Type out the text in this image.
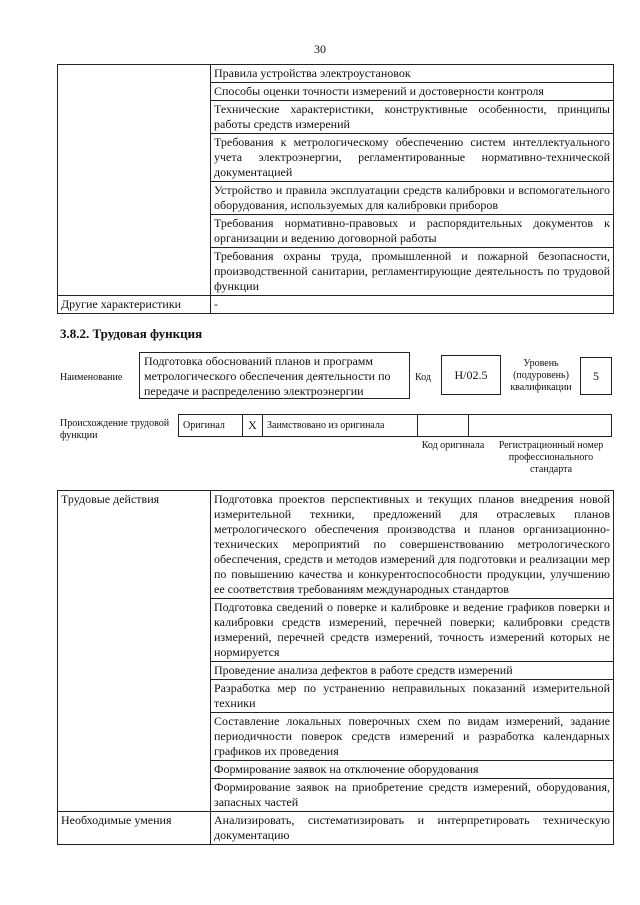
30
	Правила устройства электроустановок
	Способы оценки точности измерений и достоверности контроля
	Технические характеристики, конструктивные особенности, принципы работы средств измерений
	Требования к метрологическому обеспечению систем интеллектуального учета электроэнергии, регламентированные нормативно-технической документацией
	Устройство и правила эксплуатации средств калибровки и вспомогательного оборудования, используемых для калибровки приборов
	Требования нормативно-правовых и распорядительных документов к организации и ведению договорной работы
	Требования охраны труда, промышленной и пожарной безопасности, производственной санитарии, регламентирующие деятельность по трудовой функции
Другие характеристики	-
3.8.2. Трудовая функция
Наименование
Подготовка обоснований планов и программ метрологического обеспечения деятельности по передаче и распределению электроэнергии
Код	Н/02.5
Уровень (подуровень) квалификации
5
Происхождение трудовой функции
Оригинал	X	Заимствовано из оригинала
Код оригинала	Регистрационный номер профессионального стандарта
Трудовые действия	Подготовка проектов перспективных и текущих планов внедрения новой измерительной техники, предложений для отраслевых планов метрологического обеспечения производства и планов организационно-технических мероприятий по совершенствованию метрологического обеспечения, средств и методов измерений для подготовки и реализации мер по повышению качества и конкурентоспособности продукции, улучшению ее соответствия требованиям международных стандартов
	Подготовка сведений о поверке и калибровке и ведение графиков поверки и калибровки средств измерений, перечней поверки; калибровки средств измерений, перечней средств измерений, точность измерений которых не нормируется
	Проведение анализа дефектов в работе средств измерений
	Разработка мер по устранению неправильных показаний измерительной техники
	Составление локальных поверочных схем по видам измерений, задание периодичности поверок средств измерений и разработка календарных графиков их проведения
	Формирование заявок на отключение оборудования
	Формирование заявок на приобретение средств измерений, оборудования, запасных частей
Необходимые умения	Анализировать, систематизировать и интерпретировать техническую документацию
